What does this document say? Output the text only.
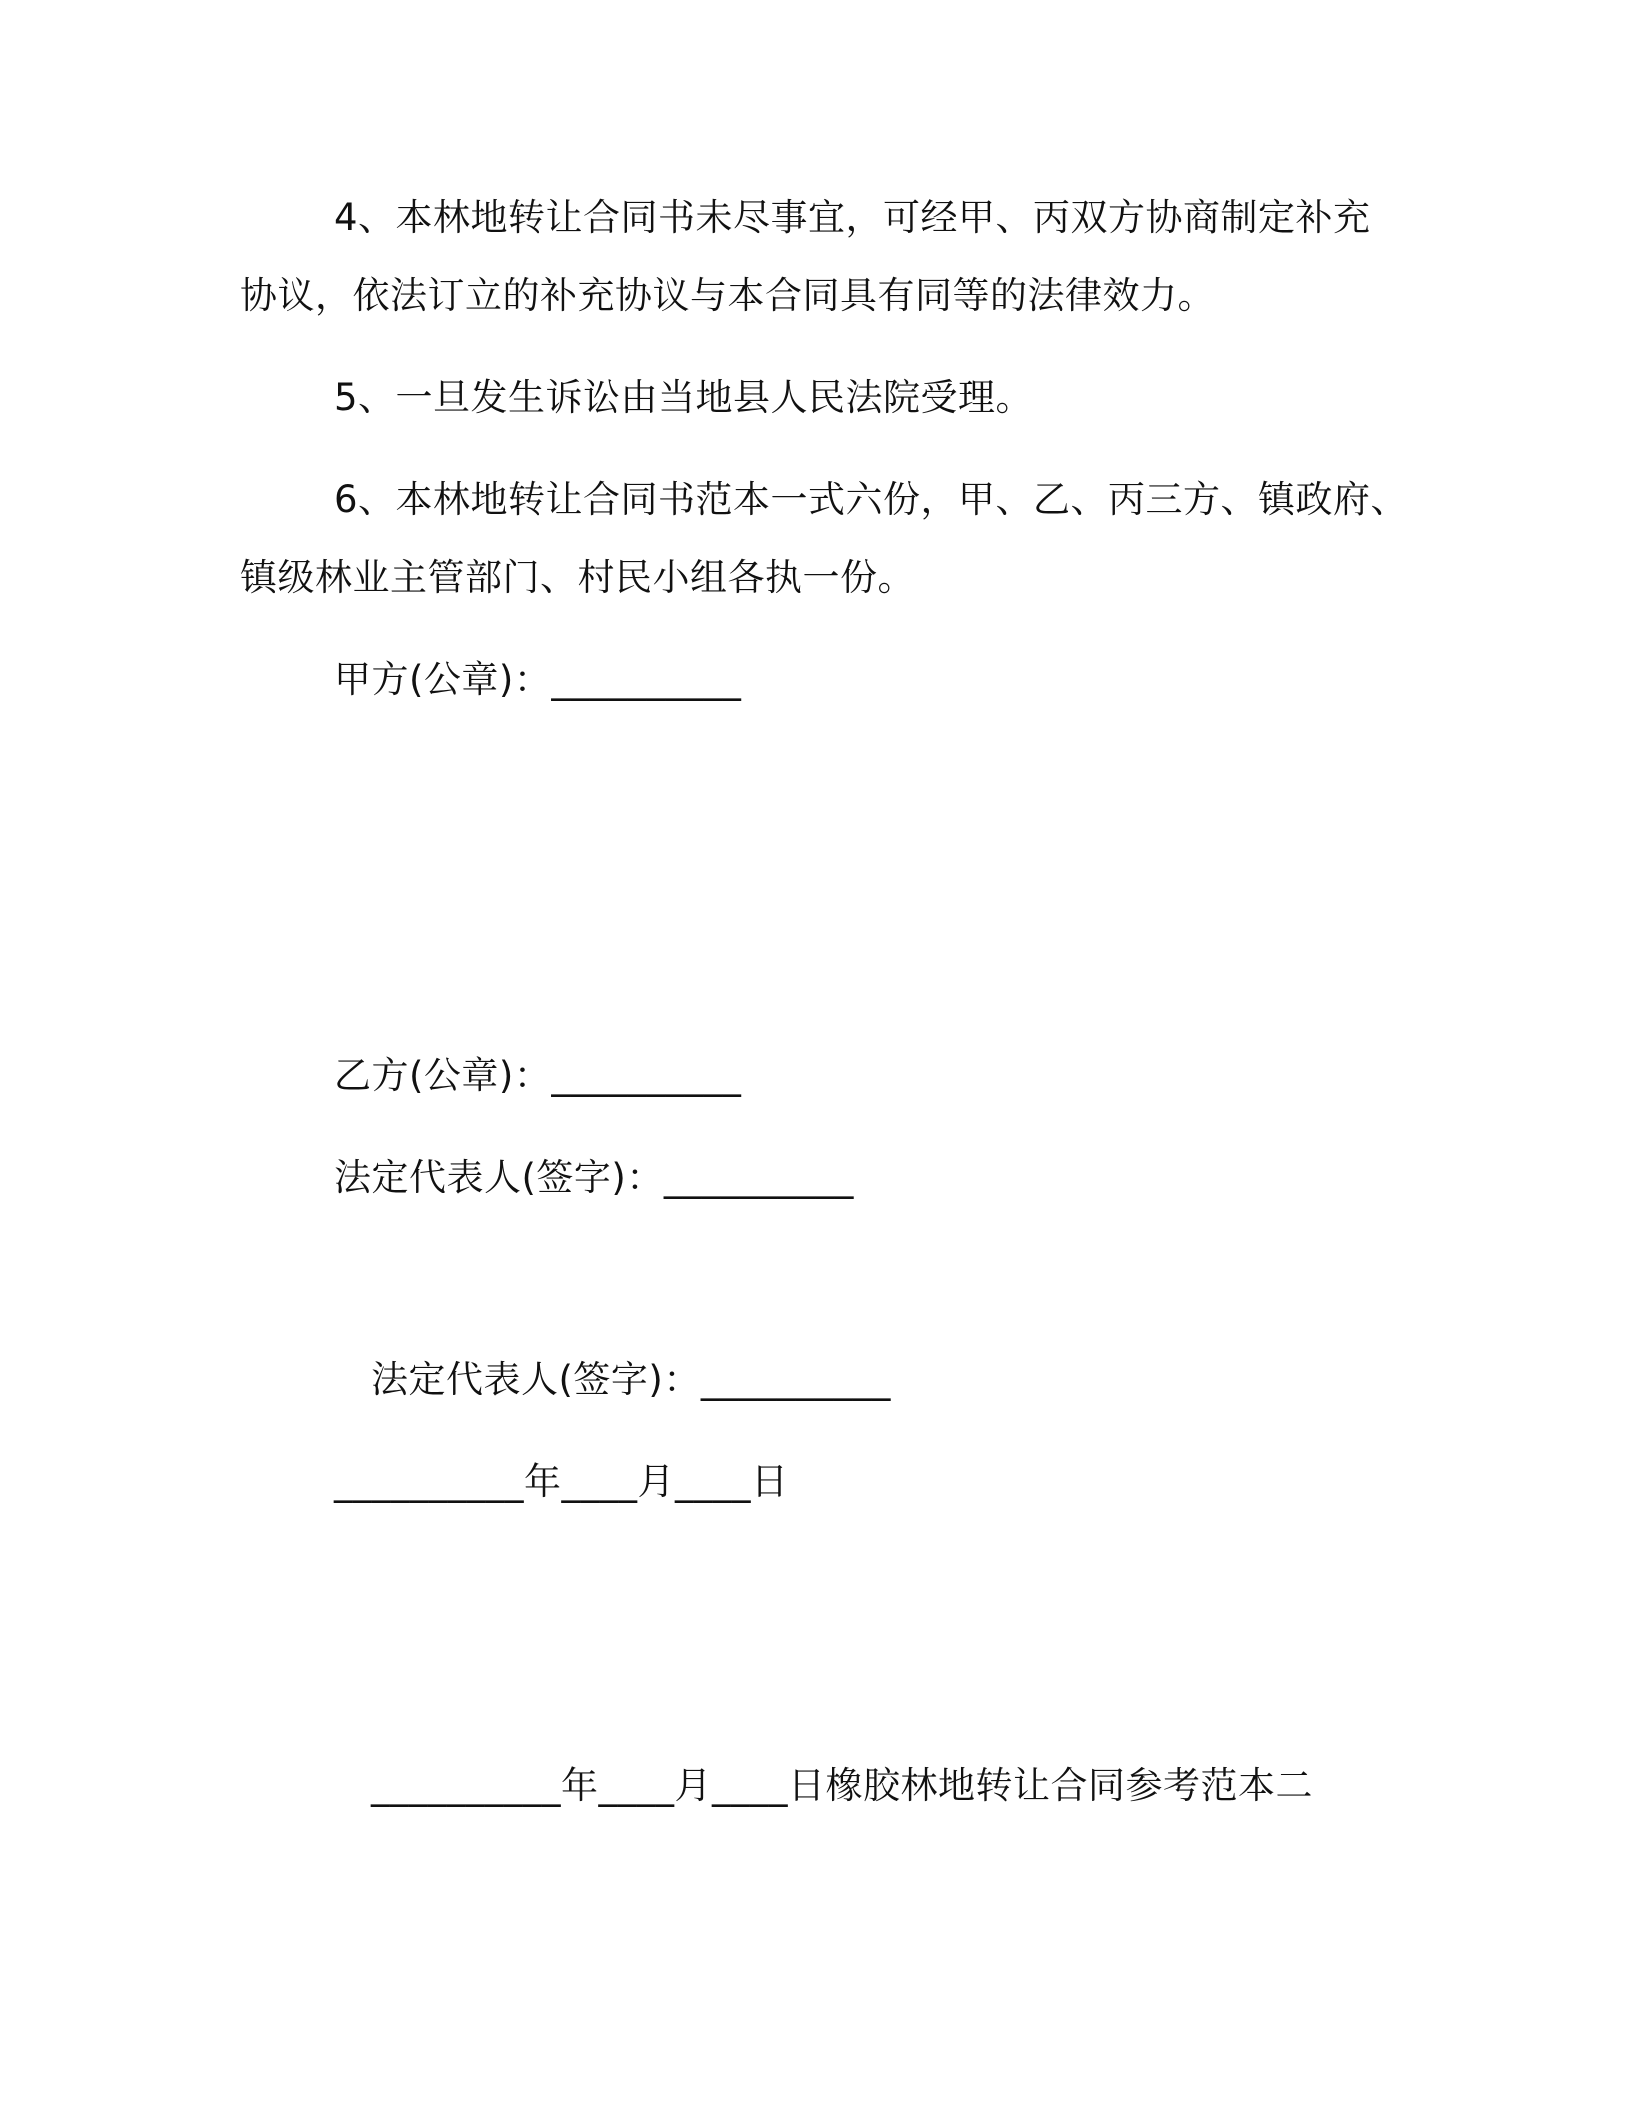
4、本林地转让合同书未尽事宜，可经甲、丙双方协商制定补充
协议，依法订立的补充协议与本合同具有同等的法律效力。
5、一旦发生诉讼由当地县人民法院受理。
6、本林地转让合同书范本一式六份，甲、乙、丙三方、镇政府、
镇级林业主管部门、村民小组各执一份。
甲方(公章)：__________
乙方(公章)：__________
法定代表人(签字)：__________
法定代表人(签字)：__________
__________年____月____日
__________年____月____日橡胶林地转让合同参考范本二
